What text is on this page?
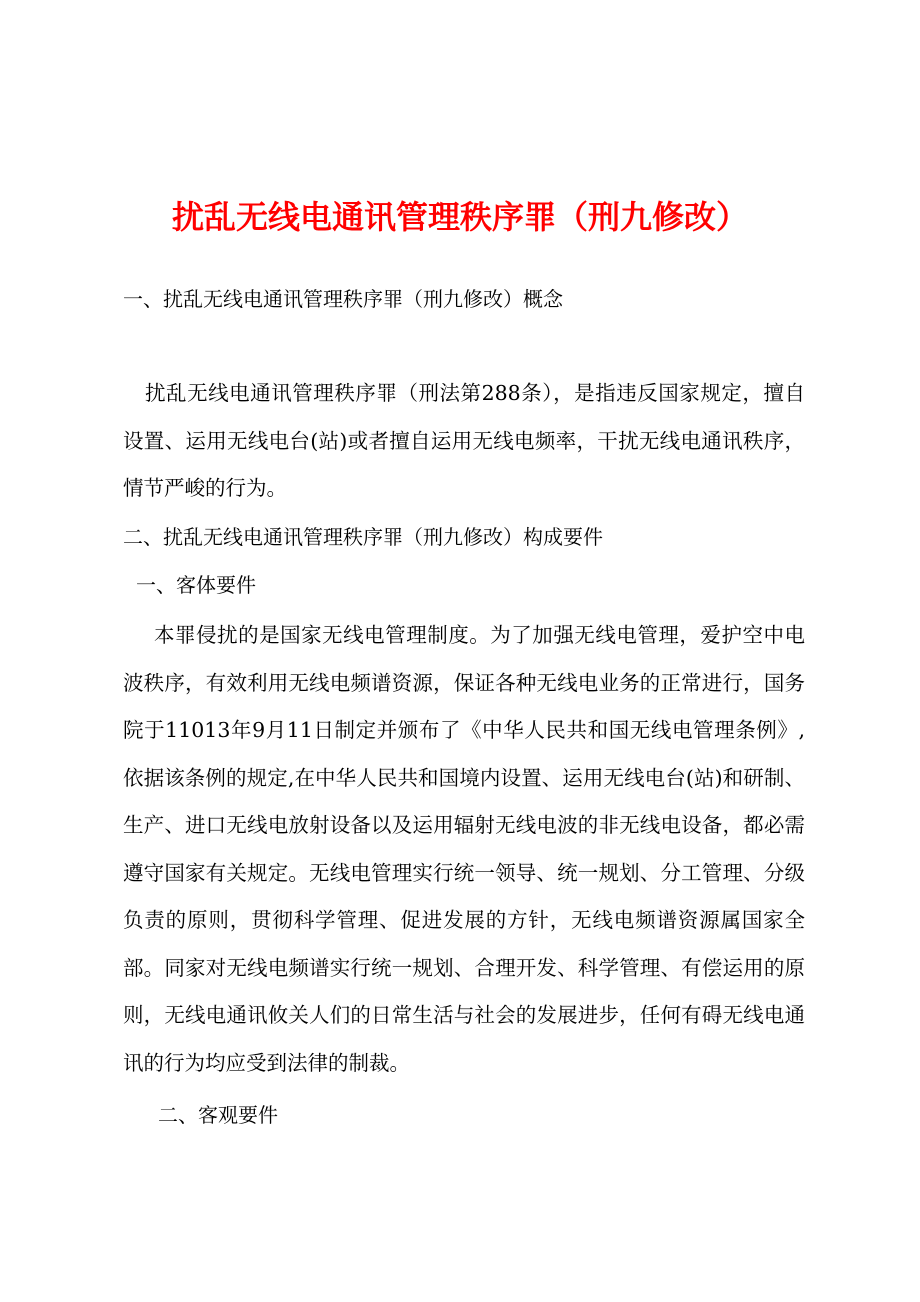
扰乱无线电通讯管理秩序罪（刑九修改）
一、扰乱无线电通讯管理秩序罪（刑九修改）概念
扰乱无线电通讯管理秩序罪（刑法第288条），是指违反国家规定，擅自设置、运用无线电台(站)或者擅自运用无线电频率，干扰无线电通讯秩序，情节严峻的行为。
二、扰乱无线电通讯管理秩序罪（刑九修改）构成要件
一、客体要件
本罪侵扰的是国家无线电管理制度。为了加强无线电管理，爱护空中电波秩序，有效利用无线电频谱资源，保证各种无线电业务的正常进行，国务院于11013年9月11日制定并颁布了《中华人民共和国无线电管理条例》,依据该条例的规定,在中华人民共和国境内设置、运用无线电台(站)和研制、生产、进口无线电放射设备以及运用辐射无线电波的非无线电设备，都必需遵守国家有关规定。无线电管理实行统一领导、统一规划、分工管理、分级负责的原则，贯彻科学管理、促进发展的方针，无线电频谱资源属国家全部。同家对无线电频谱实行统一规划、合理开发、科学管理、有偿运用的原则，无线电通讯攸关人们的日常生活与社会的发展进步，任何有碍无线电通讯的行为均应受到法律的制裁。
二、客观要件
